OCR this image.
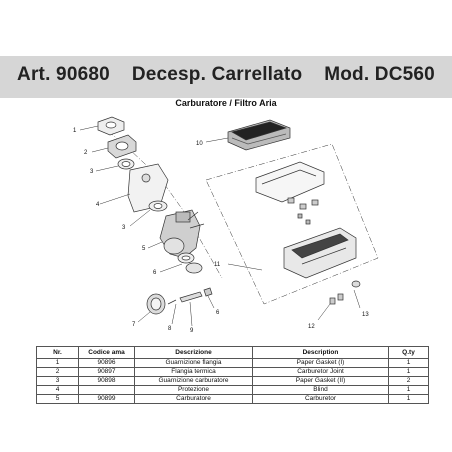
Art. 90680 Decesp. Carrellato Mod. DC560
Carburatore / Filtro Aria
1
2
3
4
3
5
6
7
8	9
6
10
11
12
13
Nr.	Codice ama	Descrizione	Description	Q.ty
1	90896	Guarnizione flangia	Paper Gasket (I)	1
2	90897	Flangia termica	Carburetor Joint	1
3	90898	Guarnizione carburatore	Paper Gasket (II)	2
4		Protezione	Blind	1
5	90899	Carburatore	Carburetor	1
